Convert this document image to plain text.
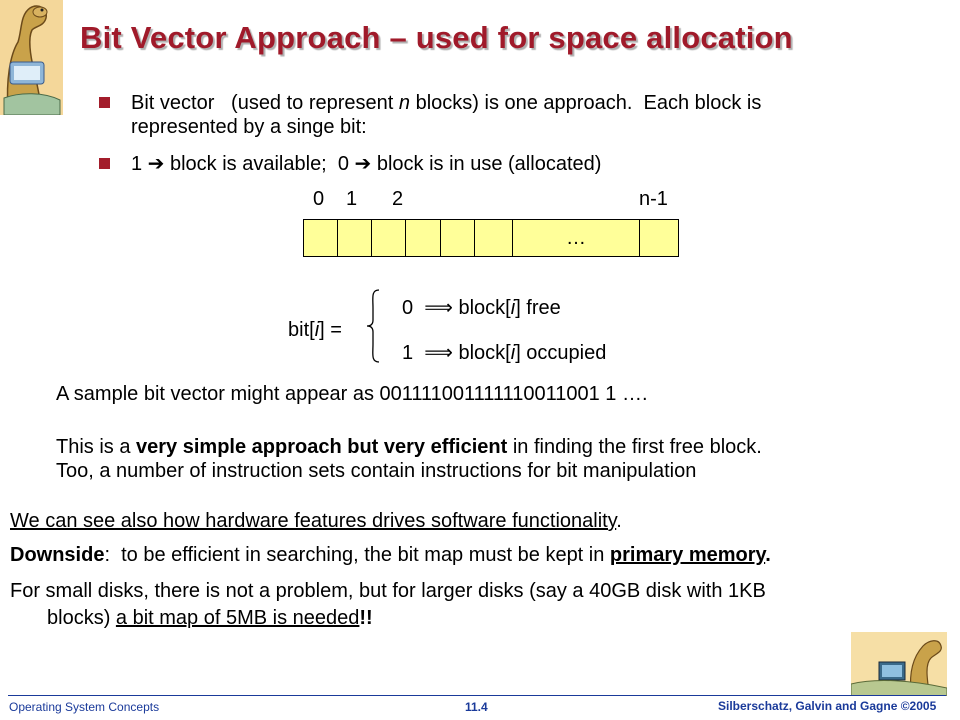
Bit Vector Approach – used for space allocation
Bit vector   (used to represent n blocks) is one approach.  Each block is
represented by a singe bit:
1 ➔ block is available;  0 ➔ block is in use (allocated)
0 1 2	n-1
…
bit[i] =
0 ⟹ block[i] free
1 ⟹ block[i] occupied
A sample bit vector might appear as 001111001111110011001 1 ….
This is a very simple approach but very efficient in finding the first free block.
Too, a number of instruction sets contain instructions for bit manipulation
We can see also how hardware features drives software functionality.
Downside:  to be efficient in searching, the bit map must be kept in primary memory.
For small disks, there is not a problem, but for larger disks (say a 40GB disk with 1KB
blocks) a bit map of 5MB is needed!!
Operating System Concepts	11.4	Silberschatz, Galvin and Gagne ©2005
